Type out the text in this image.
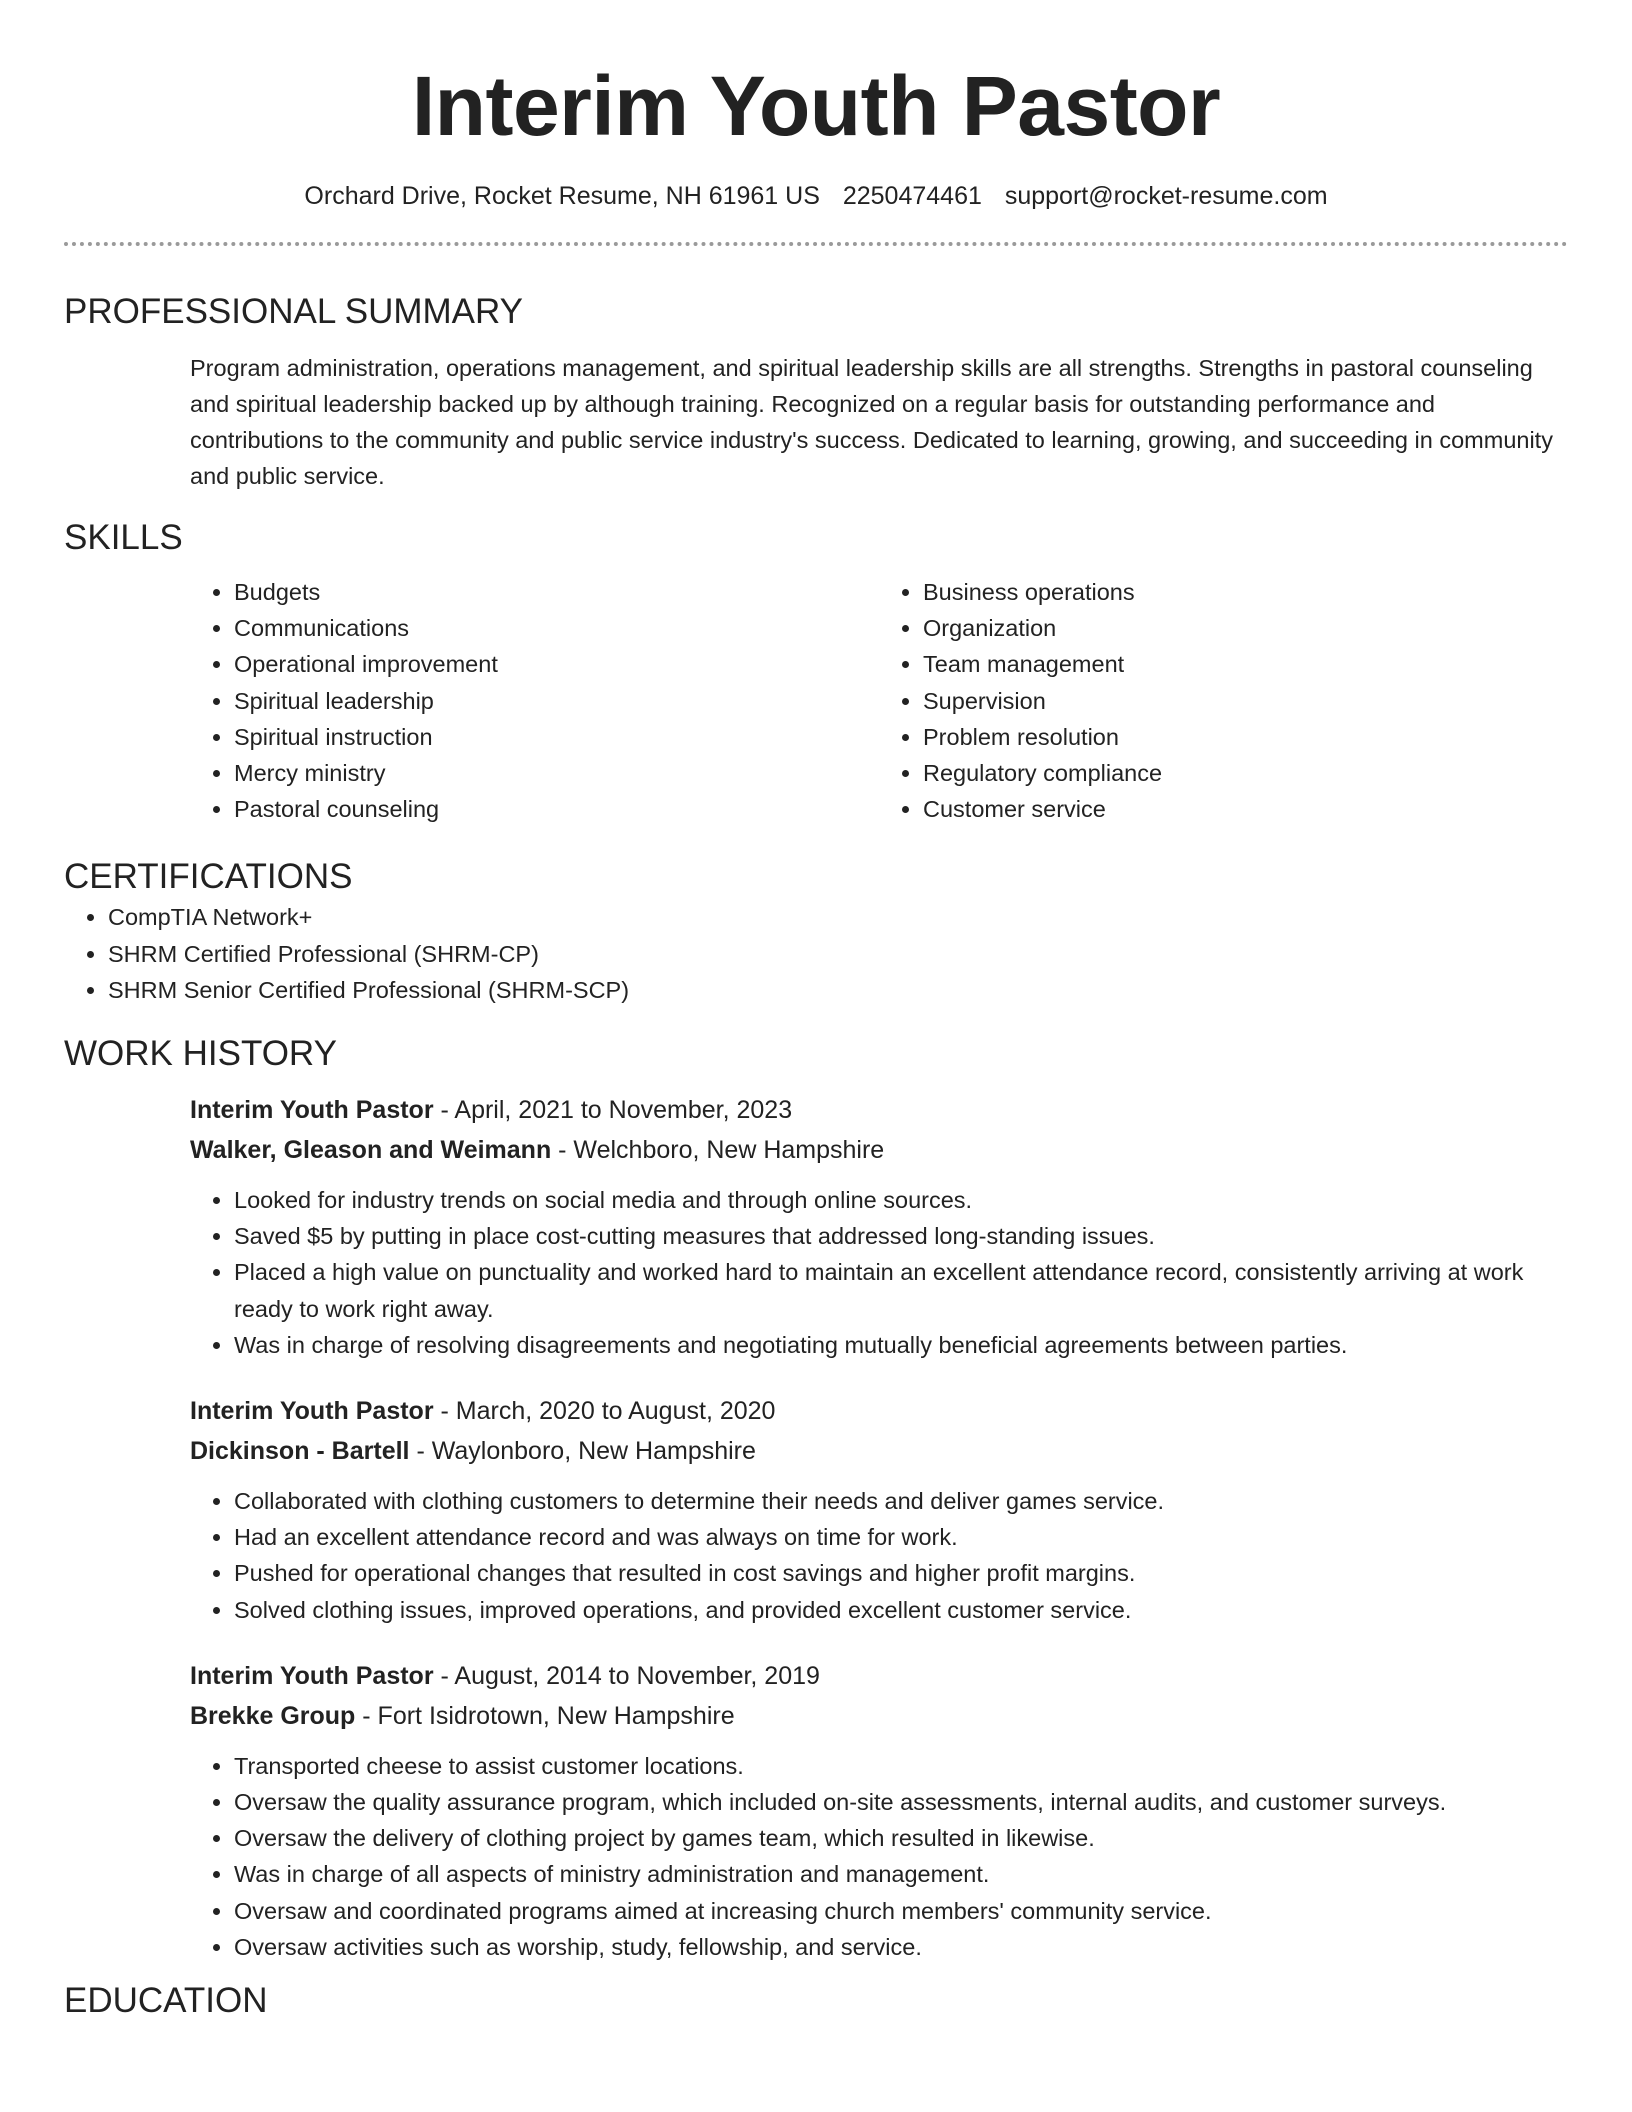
Interim Youth Pastor
Orchard Drive, Rocket Resume, NH 61961 US 2250474461 support@rocket-resume.com
PROFESSIONAL SUMMARY

Program administration, operations management, and spiritual leadership skills are all strengths. Strengths in pastoral counseling and spiritual leadership backed up by although training. Recognized on a regular basis for outstanding performance and contributions to the community and public service industry's success. Dedicated to learning, growing, and succeeding in community and public service.

SKILLS
• Budgets
• Communications
• Operational improvement
• Spiritual leadership
• Spiritual instruction
• Mercy ministry
• Pastoral counseling
• Business operations
• Organization
• Team management
• Supervision
• Problem resolution
• Regulatory compliance
• Customer service
CERTIFICATIONS
• CompTIA Network+
• SHRM Certified Professional (SHRM-CP)
• SHRM Senior Certified Professional (SHRM-SCP)
WORK HISTORY
Interim Youth Pastor - April, 2021 to November, 2023
Walker, Gleason and Weimann - Welchboro, New Hampshire
• Looked for industry trends on social media and through online sources.
• Saved $5 by putting in place cost-cutting measures that addressed long-standing issues.
• Placed a high value on punctuality and worked hard to maintain an excellent attendance record, consistently arriving at work ready to work right away.
• Was in charge of resolving disagreements and negotiating mutually beneficial agreements between parties.
Interim Youth Pastor - March, 2020 to August, 2020
Dickinson - Bartell - Waylonboro, New Hampshire
• Collaborated with clothing customers to determine their needs and deliver games service.
• Had an excellent attendance record and was always on time for work.
• Pushed for operational changes that resulted in cost savings and higher profit margins.
• Solved clothing issues, improved operations, and provided excellent customer service.
Interim Youth Pastor - August, 2014 to November, 2019
Brekke Group - Fort Isidrotown, New Hampshire
• Transported cheese to assist customer locations.
• Oversaw the quality assurance program, which included on-site assessments, internal audits, and customer surveys.
• Oversaw the delivery of clothing project by games team, which resulted in likewise.
• Was in charge of all aspects of ministry administration and management.
• Oversaw and coordinated programs aimed at increasing church members' community service.
• Oversaw activities such as worship, study, fellowship, and service.
EDUCATION
